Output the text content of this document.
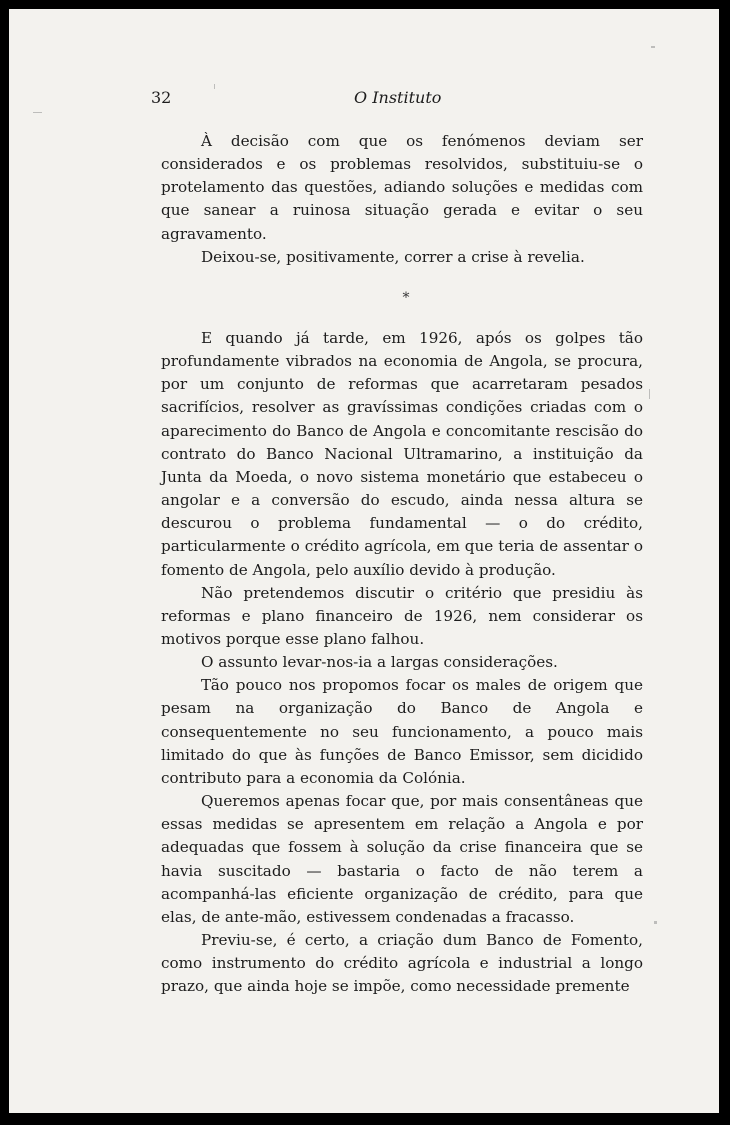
32	O Instituto

À decisão com que os fenómenos deviam ser considerados e os problemas resolvidos, substituiu-se o protelamento das questões, adiando soluções e medidas com que sanear a ruinosa situação gerada e evitar o seu agravamento.

Deixou-se, positivamente, correr a crise à revelia.

*

E quando já tarde, em 1926, após os golpes tão profundamente vibrados na economia de Angola, se procura, por um conjunto de reformas que acarretaram pesados sacrifícios, resolver as gravíssimas condições criadas com o aparecimento do Banco de Angola e concomitante rescisão do contrato do Banco Nacional Ultramarino, a instituição da Junta da Moeda, o novo sistema monetário que estabeceu o angolar e a conversão do escudo, ainda nessa altura se descurou o problema fundamental — o do crédito, particularmente o crédito agrícola, em que teria de assentar o fomento de Angola, pelo auxílio devido à produção.

Não pretendemos discutir o critério que presidiu às reformas e plano financeiro de 1926, nem considerar os motivos porque esse plano falhou.

O assunto levar-nos-ia a largas considerações.

Tão pouco nos propomos focar os males de origem que pesam na organização do Banco de Angola e consequentemente no seu funcionamento, a pouco mais limitado do que às funções de Banco Emissor, sem dicidido contributo para a economia da Colónia.

Queremos apenas focar que, por mais consentâneas que essas medidas se apresentem em relação a Angola e por adequadas que fossem à solução da crise financeira que se havia suscitado — bastaria o facto de não terem a acompanhá-las eficiente organização de crédito, para que elas, de ante-mão, estivessem condenadas a fracasso.

Previu-se, é certo, a criação dum Banco de Fomento, como instrumento do crédito agrícola e industrial a longo prazo, que ainda hoje se impõe, como necessidade premente
